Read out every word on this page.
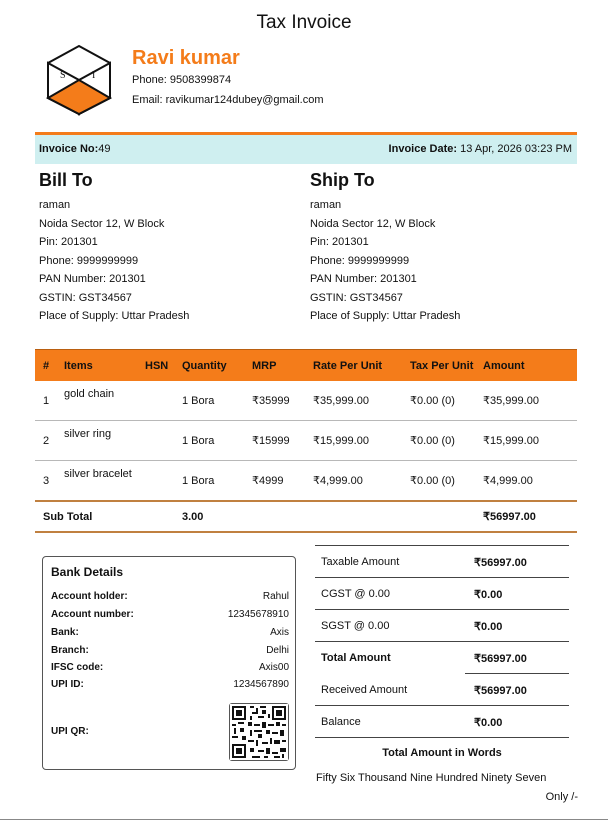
Tax Invoice
S	I
Ravi kumar
Phone: 9508399874
Email: ravikumar124dubey@gmail.com
Invoice No:49	Invoice Date: 13 Apr, 2026 03:23 PM
Bill To	Ship To
raman
Noida Sector 12, W Block
Pin: 201301
Phone: 9999999999
PAN Number: 201301
GSTIN: GST34567
Place of Supply: Uttar Pradesh
raman
Noida Sector 12, W Block
Pin: 201301
Phone: 9999999999
PAN Number: 201301
GSTIN: GST34567
Place of Supply: Uttar Pradesh
#	Items	HSN	Quantity	MRP	Rate Per Unit	Tax Per Unit	Amount
1	gold chain		1 Bora	₹35999	₹35,999.00	₹0.00 (0)	₹35,999.00
2	silver ring		1 Bora	₹15999	₹15,999.00	₹0.00 (0)	₹15,999.00
3	silver bracelet		1 Bora	₹4999	₹4,999.00	₹0.00 (0)	₹4,999.00
Sub Total			3.00				₹56997.00
Bank Details
Account holder:	Rahul
Account number:	12345678910
Bank:	Axis
Branch:	Delhi
IFSC code:	Axis00
UPI ID:	1234567890
UPI QR:
Taxable Amount	₹56997.00
CGST @ 0.00	₹0.00
SGST @ 0.00	₹0.00
Total Amount	₹56997.00
Received Amount	₹56997.00
Balance	₹0.00
Total Amount in Words
Fifty Six Thousand Nine Hundred Ninety Seven
Only /-
